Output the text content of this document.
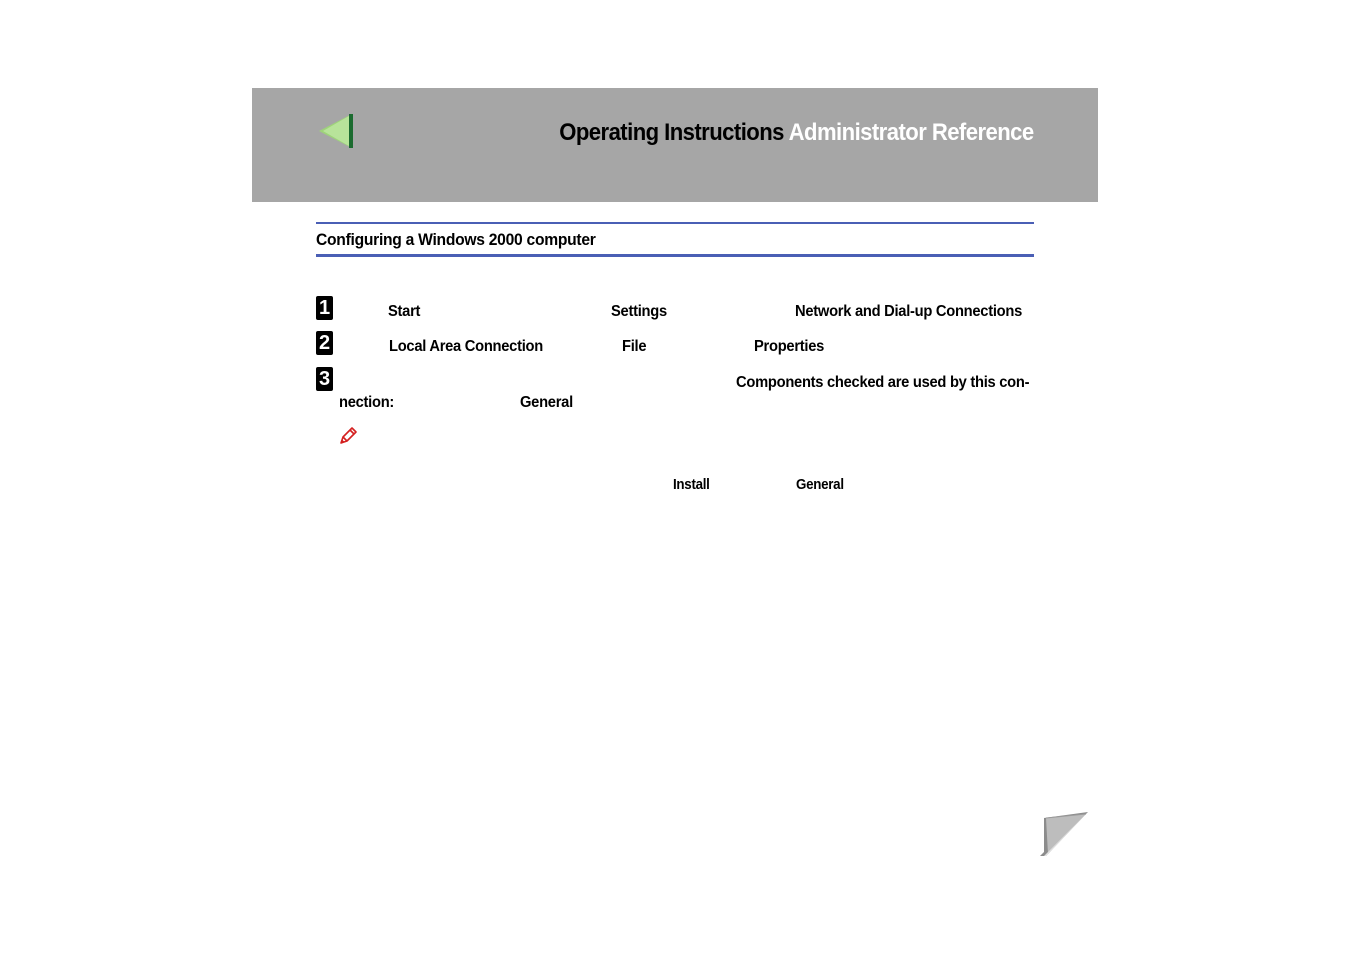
Operating Instructions Administrator Reference
Configuring a Windows 2000 computer
1	Start	Settings	Network and Dial-up Connections
2	Local Area Connection	File	Properties
3	Components checked are used by this con-
nection:	General
Install	General
